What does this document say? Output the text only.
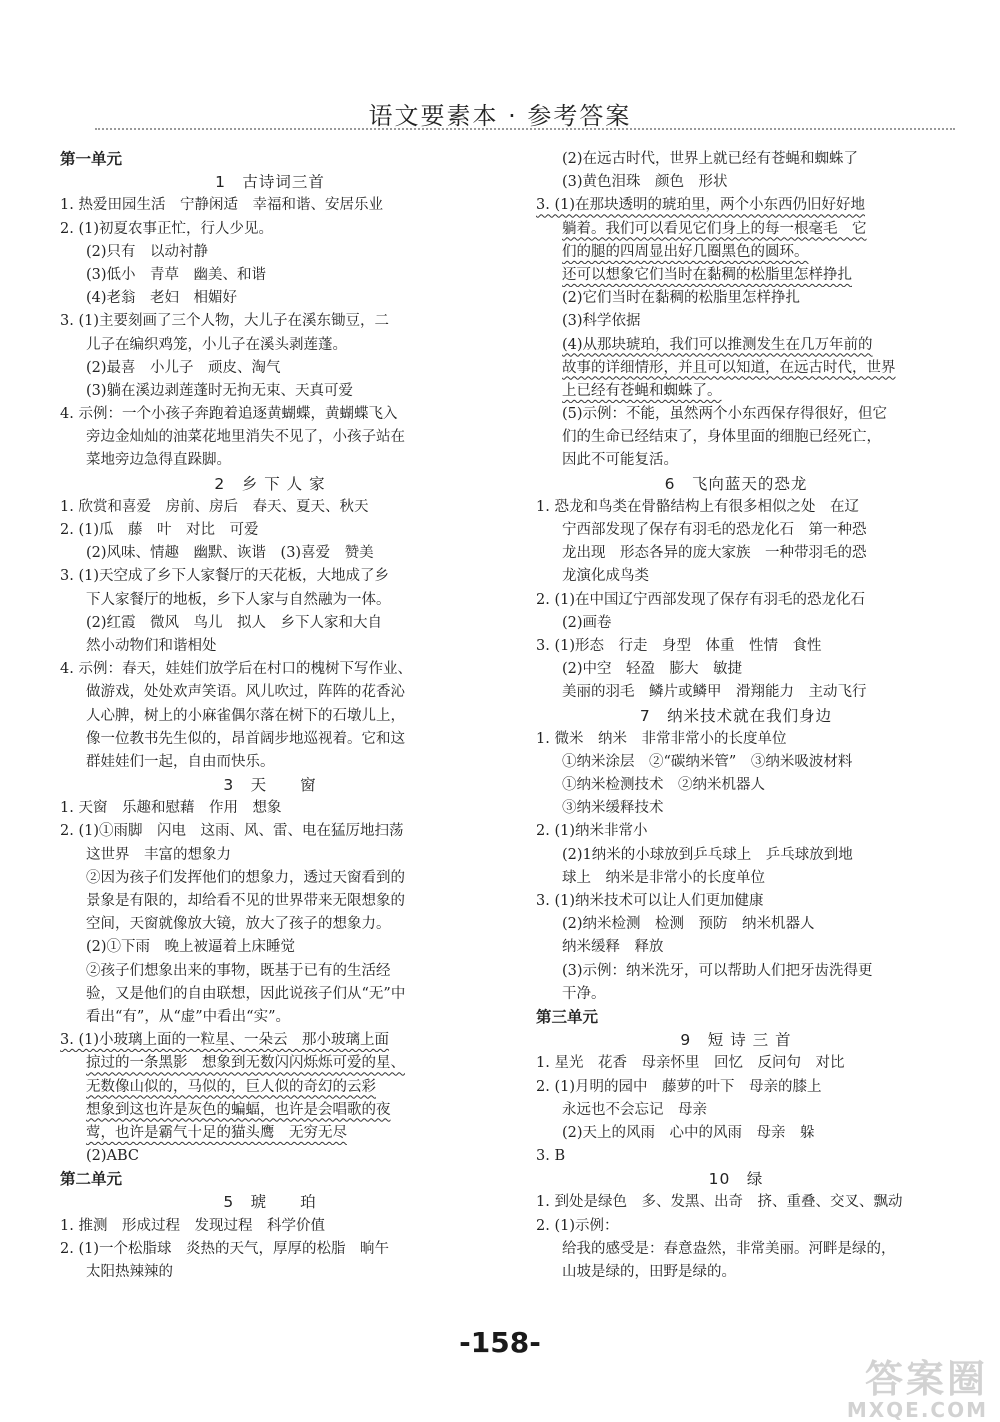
语文要素本 · 参考答案
第一单元
1　古诗词三首
1. 热爱田园生活　宁静闲适　幸福和谐、安居乐业
2. (1)初夏农事正忙，行人少见。
(2)只有　以动衬静
(3)低小　青草　幽美、和谐
(4)老翁　老妇　相媚好
3. (1)主要刻画了三个人物，大儿子在溪东锄豆，二
儿子在编织鸡笼，小儿子在溪头剥莲蓬。
(2)最喜　小儿子　顽皮、淘气
(3)躺在溪边剥莲蓬时无拘无束、天真可爱
4. 示例：一个小孩子奔跑着追逐黄蝴蝶，黄蝴蝶飞入
旁边金灿灿的油菜花地里消失不见了，小孩子站在
菜地旁边急得直跺脚。
2　乡 下 人 家
1. 欣赏和喜爱　房前、房后　春天、夏天、秋天
2. (1)瓜　藤　叶　对比　可爱
(2)风味、情趣　幽默、诙谐　(3)喜爱　赞美
3. (1)天空成了乡下人家餐厅的天花板，大地成了乡
下人家餐厅的地板，乡下人家与自然融为一体。
(2)红霞　微风　鸟儿　拟人　乡下人家和大自
然小动物们和谐相处
4. 示例：春天，娃娃们放学后在村口的槐树下写作业、
做游戏，处处欢声笑语。风儿吹过，阵阵的花香沁
人心脾，树上的小麻雀偶尔落在树下的石墩儿上，
像一位教书先生似的，昂首阔步地巡视着。它和这
群娃娃们一起，自由而快乐。
3　天　　窗
1. 天窗　乐趣和慰藉　作用　想象
2. (1)①雨脚　闪电　这雨、风、雷、电在猛厉地扫荡
这世界　丰富的想象力
②因为孩子们发挥他们的想象力，透过天窗看到的
景象是有限的，却给看不见的世界带来无限想象的
空间，天窗就像放大镜，放大了孩子的想象力。
(2)①下雨　晚上被逼着上床睡觉
②孩子们想象出来的事物，既基于已有的生活经
验，又是他们的自由联想，因此说孩子们从“无”中
看出“有”，从“虚”中看出“实”。
3. (1)小玻璃上面的一粒星、一朵云　那小玻璃上面
掠过的一条黑影　想象到无数闪闪烁烁可爱的星、
无数像山似的，马似的，巨人似的奇幻的云彩
想象到这也许是灰色的蝙蝠，也许是会唱歌的夜
莺，也许是霸气十足的猫头鹰　无穷无尽
(2)ABC
第二单元
5　琥　　珀
1. 推测　形成过程　发现过程　科学价值
2. (1)一个松脂球　炎热的天气，厚厚的松脂　晌午
太阳热辣辣的
(2)在远古时代，世界上就已经有苍蝇和蜘蛛了
(3)黄色泪珠　颜色　形状
3. (1)在那块透明的琥珀里，两个小东西仍旧好好地
躺着。我们可以看见它们身上的每一根毫毛　它
们的腿的四周显出好几圈黑色的圆环。
还可以想象它们当时在黏稠的松脂里怎样挣扎
(2)它们当时在黏稠的松脂里怎样挣扎
(3)科学依据
(4)从那块琥珀，我们可以推测发生在几万年前的
故事的详细情形，并且可以知道，在远古时代，世界
上已经有苍蝇和蜘蛛了。
(5)示例：不能，虽然两个小东西保存得很好，但它
们的生命已经结束了，身体里面的细胞已经死亡，
因此不可能复活。
6　飞向蓝天的恐龙
1. 恐龙和鸟类在骨骼结构上有很多相似之处　在辽
宁西部发现了保存有羽毛的恐龙化石　第一种恐
龙出现　形态各异的庞大家族　一种带羽毛的恐
龙演化成鸟类
2. (1)在中国辽宁西部发现了保存有羽毛的恐龙化石
(2)画卷
3. (1)形态　行走　身型　体重　性情　食性
(2)中空　轻盈　膨大　敏捷
美丽的羽毛　鳞片或鳞甲　滑翔能力　主动飞行
7　纳米技术就在我们身边
1. 微米　纳米　非常非常小的长度单位
①纳米涂层　②“碳纳米管”　③纳米吸波材料
①纳米检测技术　②纳米机器人
③纳米缓释技术
2. (1)纳米非常小
(2)1纳米的小球放到乒乓球上　乒乓球放到地
球上　纳米是非常小的长度单位
3. (1)纳米技术可以让人们更加健康
(2)纳米检测　检测　预防　纳米机器人
纳米缓释　释放
(3)示例：纳米洗牙，可以帮助人们把牙齿洗得更
干净。
第三单元
9　短 诗 三 首
1. 星光　花香　母亲怀里　回忆　反问句　对比
2. (1)月明的园中　藤萝的叶下　母亲的膝上
永远也不会忘记　母亲
(2)天上的风雨　心中的风雨　母亲　躲
3. B
10　绿
1. 到处是绿色　多、发黑、出奇　挤、重叠、交叉、飘动
2. (1)示例：
给我的感受是：春意盎然，非常美丽。河畔是绿的，
山坡是绿的，田野是绿的。
-158-
答案圈
MXQE.COM
